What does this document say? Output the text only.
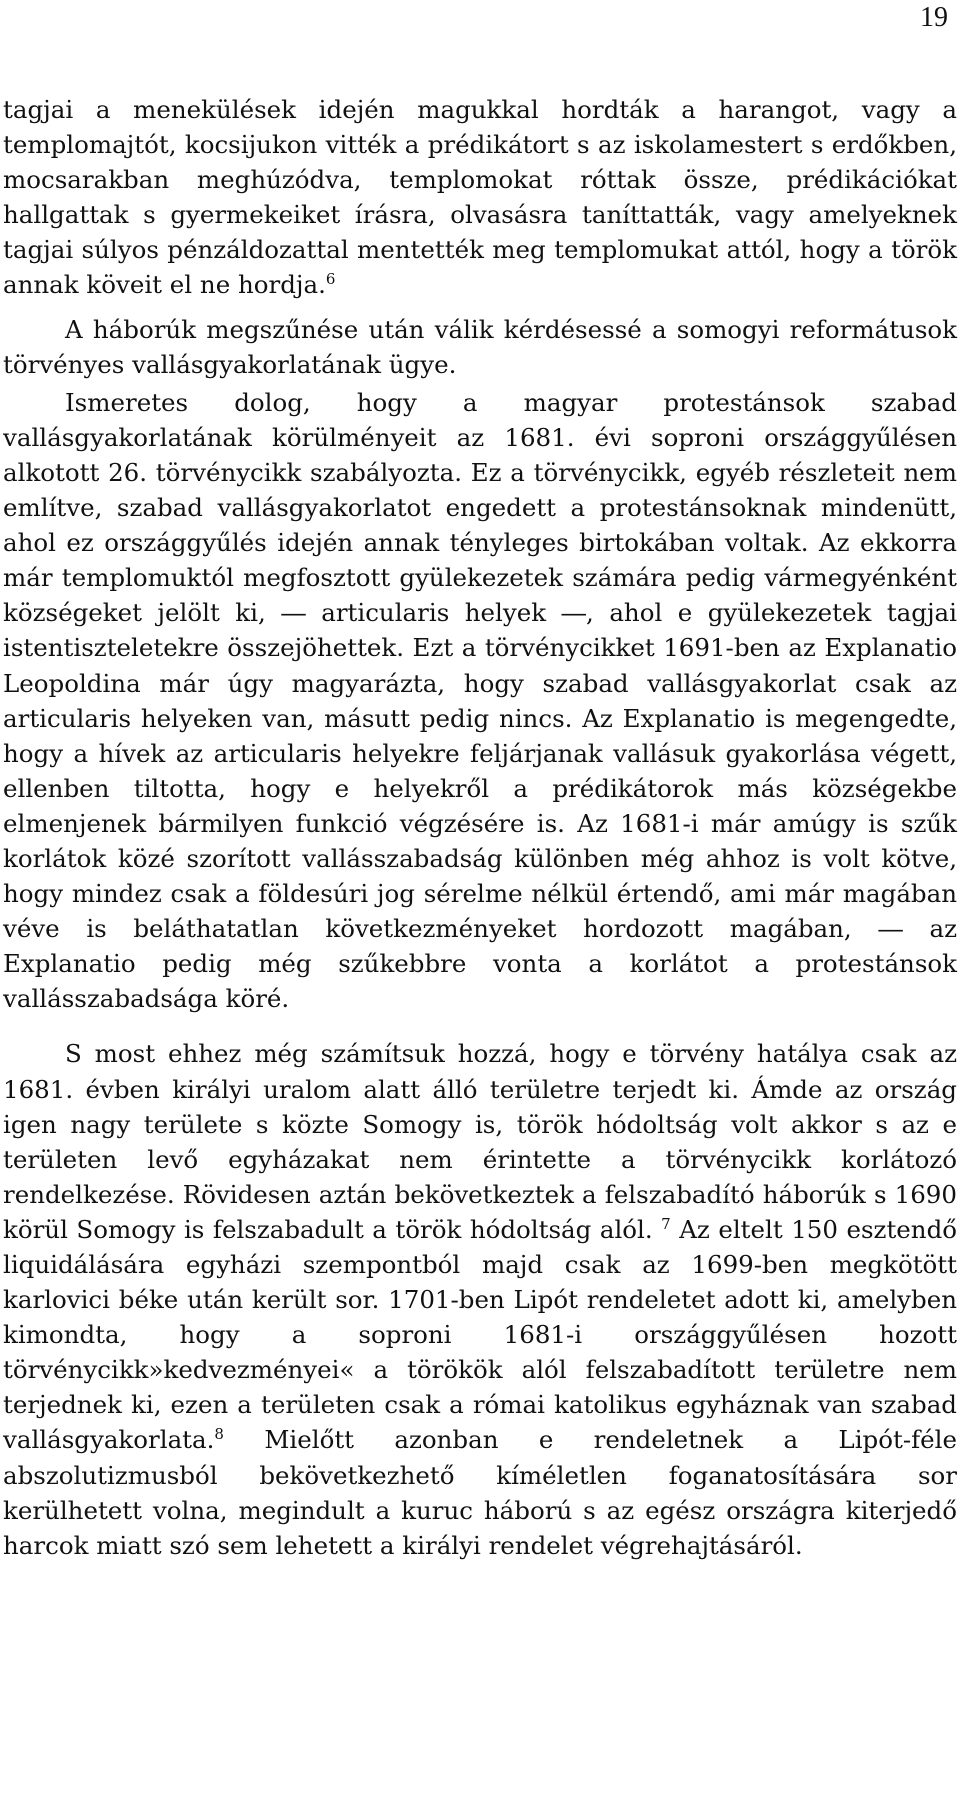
19

tagjai a menekülések idején magukkal hordták a harangot, vagy a templomajtót, kocsijukon vitték a prédikátort s az iskolamestert s erdőkben, mocsarakban meghúzódva, templomokat róttak össze, prédikációkat hallgattak s gyermekeiket írásra, olvasásra taníttatták, vagy amelyeknek tagjai súlyos pénzáldozattal mentették meg templomukat attól, hogy a török annak köveit el ne hordja.$^6$

A háborúk megszűnése után válik kérdésessé a somogyi reformátusok törvényes vallásgyakorlatának ügye.

Ismeretes dolog, hogy a magyar protestánsok szabad vallásgyakorlatának körülményeit az 1681. évi soproni országgyűlésen alkotott 26. törvénycikk szabályozta. Ez a törvénycikk, egyéb részleteit nem említve, szabad vallásgyakorlatot engedett a protestánsoknak mindenütt, ahol ez országgyűlés idején annak tényleges birtokában voltak. Az ekkorra már templomuktól megfosztott gyülekezetek számára pedig vármegyénként községeket jelölt ki, ― articularis helyek ―, ahol e gyülekezetek tagjai istentiszteletekre összejöhettek. Ezt a törvénycikket 1691-ben az Explanatio Leopoldina már úgy magyarázta, hogy szabad vallásgyakorlat csak az articularis helyeken van, másutt pedig nincs. Az Explanatio is megengedte, hogy a hívek az articularis helyekre feljárjanak vallásuk gyakorlása végett, ellenben tiltotta, hogy e helyekről a prédikátorok más községekbe elmenjenek bármilyen funkció végzésére is. Az 1681-i már amúgy is szűk korlátok közé szorított vallásszabadság különben még ahhoz is volt kötve, hogy mindez csak a földesúri jog sérelme nélkül értendő, ami már magában véve is beláthatatlan következményeket hordozott magában, ― az Explanatio pedig még szűkebbre vonta a korlátot a protestánsok vallásszabadsága köré.

S most ehhez még számítsuk hozzá, hogy e törvény hatálya csak az 1681. évben királyi uralom alatt álló területre terjedt ki. Ámde az ország igen nagy területe s közte Somogy is, török hódoltság volt akkor s az e területen levő egyházakat nem érintette a törvénycikk korlátozó rendelkezése. Rövidesen aztán bekövetkeztek a felszabadító háborúk s 1690 körül Somogy is felszabadult a török hódoltság alól. $^7$ Az eltelt 150 esztendő liquidálására egyházi szempontból majd csak az 1699-ben megkötött karlovici béke után került sor. 1701-ben Lipót rendeletet adott ki, amelyben kimondta, hogy a soproni 1681-i országgyűlésen hozott törvénycikk»kedvezményei« a törökök alól felszabadított területre nem terjednek ki, ezen a területen csak a római katolikus egyháznak van szabad vallásgyakorlata.$^8$ Mielőtt azonban e rendeletnek a Lipót-féle abszolutizmusból bekövetkezhető kíméletlen foganatosítására sor kerülhetett volna, megindult a kuruc háború s az egész országra kiterjedő harcok miatt szó sem lehetett a királyi rendelet végrehajtásáról.
